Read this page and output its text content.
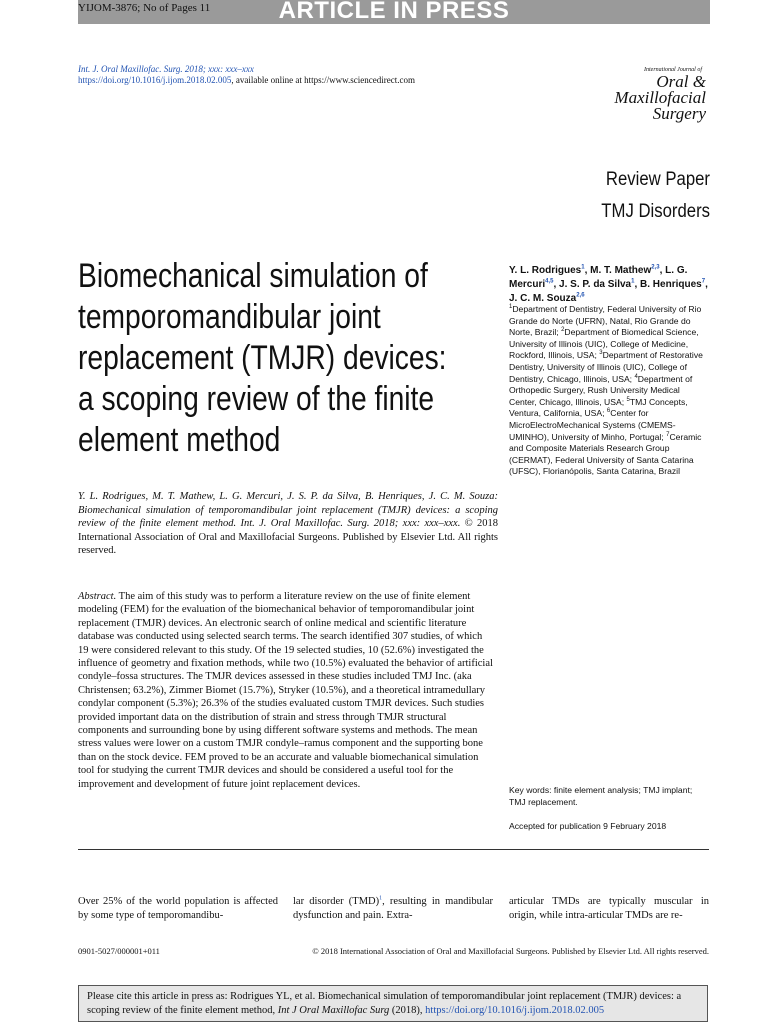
ARTICLE IN PRESS
YIJOM-3876; No of Pages 11
Int. J. Oral Maxillofac. Surg. 2018; xxx: xxx–xxx
https://doi.org/10.1016/j.ijom.2018.02.005, available online at https://www.sciencedirect.com
International Journal of
Oral &
Maxillofacial
Surgery
Review Paper
TMJ Disorders
Biomechanical simulation of temporomandibular joint replacement (TMJR) devices: a scoping review of the finite element method
Y. L. Rodrigues, M. T. Mathew, L. G. Mercuri, J. S. P. da Silva, B. Henriques, J. C. M. Souza: Biomechanical simulation of temporomandibular joint replacement (TMJR) devices: a scoping review of the finite element method. Int. J. Oral Maxillofac. Surg. 2018; xxx: xxx–xxx. © 2018 International Association of Oral and Maxillofacial Surgeons. Published by Elsevier Ltd. All rights reserved.
Y. L. Rodrigues$^1$, M. T. Mathew$^{2,3}$, L. G. Mercuri$^{4,5}$, J. S. P. da Silva$^1$, B. Henriques$^7$, J. C. M. Souza$^{2,6}$
$^1$Department of Dentistry, Federal University of Rio Grande do Norte (UFRN), Natal, Rio Grande do Norte, Brazil; $^2$Department of Biomedical Science, University of Illinois (UIC), College of Medicine, Rockford, Illinois, USA; $^3$Department of Restorative Dentistry, University of Illinois (UIC), College of Dentistry, Chicago, Illinois, USA; $^4$Department of Orthopedic Surgery, Rush University Medical Center, Chicago, Illinois, USA; $^5$TMJ Concepts, Ventura, California, USA; $^6$Center for MicroElectroMechanical Systems (CMEMS-UMINHO), University of Minho, Portugal; $^7$Ceramic and Composite Materials Research Group (CERMAT), Federal University of Santa Catarina (UFSC), Florianópolis, Santa Catarina, Brazil
Abstract. The aim of this study was to perform a literature review on the use of finite element modeling (FEM) for the evaluation of the biomechanical behavior of temporomandibular joint replacement (TMJR) devices. An electronic search of online medical and scientific literature database was conducted using selected search terms. The search identified 307 studies, of which 19 were considered relevant to this study. Of the 19 selected studies, 10 (52.6%) investigated the influence of geometry and fixation methods, while two (10.5%) evaluated the behavior of artificial condyle–fossa structures. The TMJR devices assessed in these studies included TMJ Inc. (aka Christensen; 63.2%), Zimmer Biomet (15.7%), Stryker (10.5%), and a theoretical intramedullary condylar component (5.3%); 26.3% of the studies evaluated custom TMJR devices. Such studies provided important data on the distribution of strain and stress through TMJR structural components and surrounding bone by using different software systems and methods. The mean stress values were lower on a custom TMJR condyle–ramus component and the supporting bone than on the stock device. FEM proved to be an accurate and valuable biomechanical simulation tool for studying the current TMJR devices and should be considered a useful tool for the improvement and development of future joint replacement devices.
Key words: finite element analysis; TMJ implant; TMJ replacement.
Accepted for publication 9 February 2018
Over 25% of the world population is affected by some type of temporomandibu-
lar disorder (TMD)$^1$, resulting in mandibular dysfunction and pain. Extra-
articular TMDs are typically muscular in origin, while intra-articular TMDs are re-
0901-5027/000001+011	© 2018 International Association of Oral and Maxillofacial Surgeons. Published by Elsevier Ltd. All rights reserved.
Please cite this article in press as: Rodrigues YL, et al. Biomechanical simulation of temporomandibular joint replacement (TMJR) devices: a scoping review of the finite element method, Int J Oral Maxillofac Surg (2018), https://doi.org/10.1016/j.ijom.2018.02.005
